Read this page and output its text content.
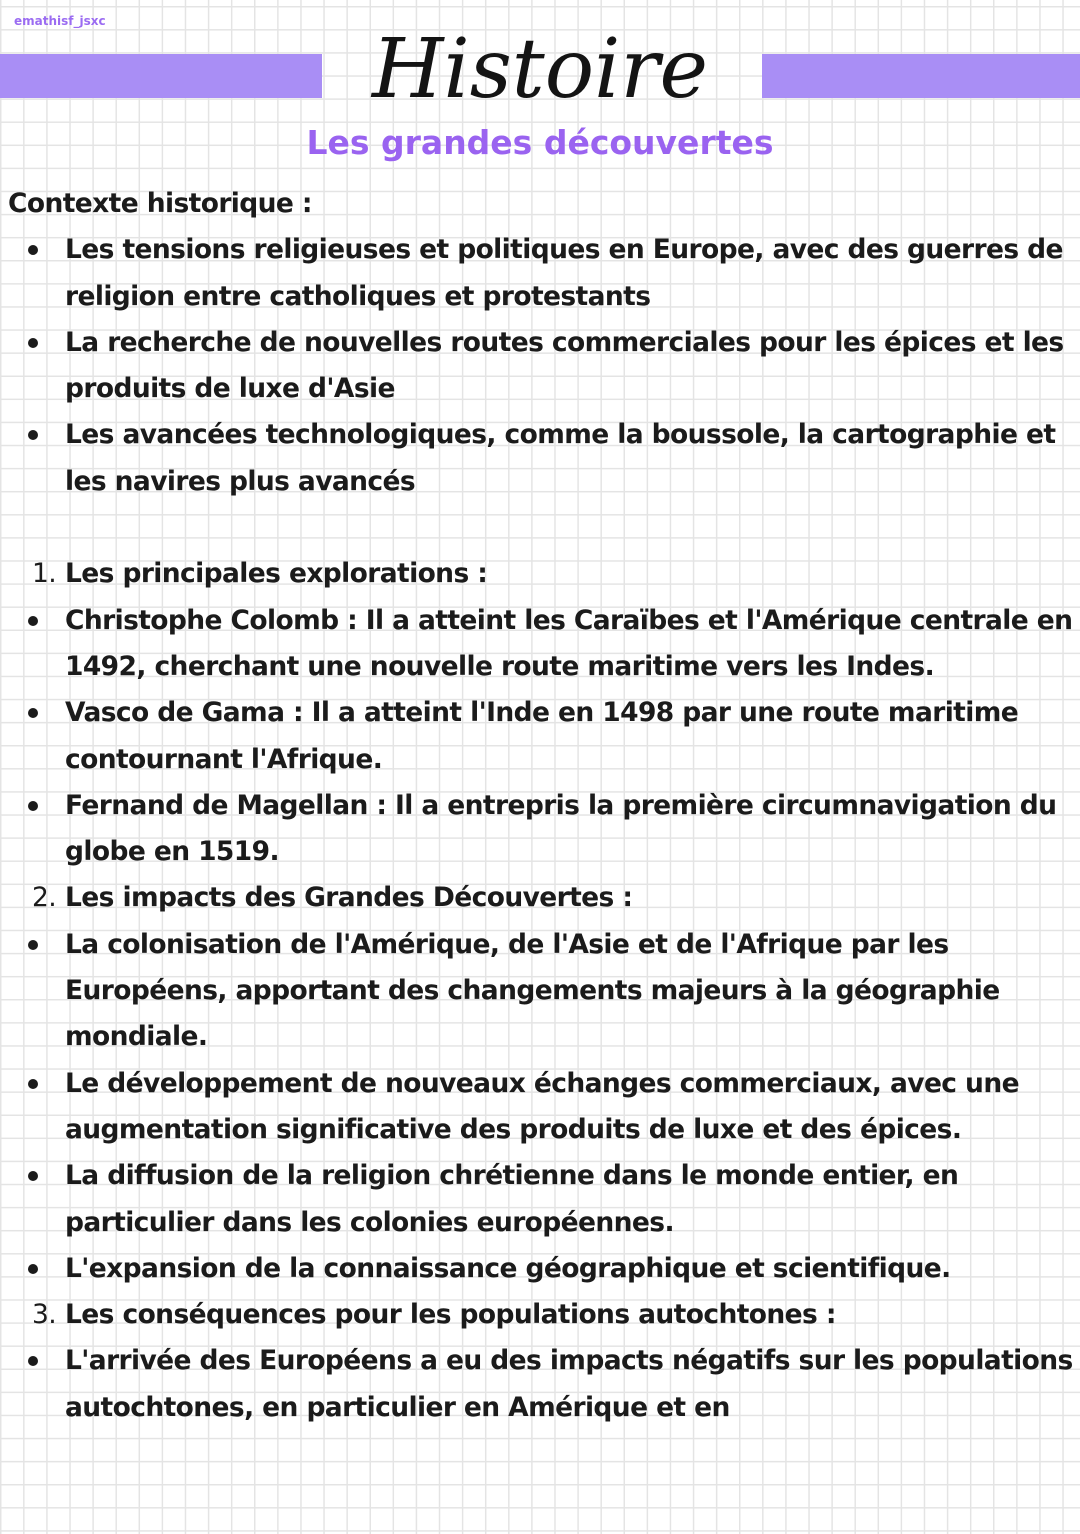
emathisf_jsxc
Histoire
Les grandes découvertes
Contexte historique :
Les tensions religieuses et politiques en Europe, avec des guerres de religion entre catholiques et protestants
La recherche de nouvelles routes commerciales pour les épices et les produits de luxe d'Asie
Les avancées technologiques, comme la boussole, la cartographie et les navires plus avancés
1. Les principales explorations :
Christophe Colomb : Il a atteint les Caraïbes et l'Amérique centrale en 1492, cherchant une nouvelle route maritime vers les Indes.
Vasco de Gama : Il a atteint l'Inde en 1498 par une route maritime contournant l'Afrique.
Fernand de Magellan : Il a entrepris la première circumnavigation du globe en 1519.
2. Les impacts des Grandes Découvertes :
La colonisation de l'Amérique, de l'Asie et de l'Afrique par les Européens, apportant des changements majeurs à la géographie mondiale.
Le développement de nouveaux échanges commerciaux, avec une augmentation significative des produits de luxe et des épices.
La diffusion de la religion chrétienne dans le monde entier, en particulier dans les colonies européennes.
L'expansion de la connaissance géographique et scientifique.
3. Les conséquences pour les populations autochtones :
L'arrivée des Européens a eu des impacts négatifs sur les populations autochtones, en particulier en Amérique et en
